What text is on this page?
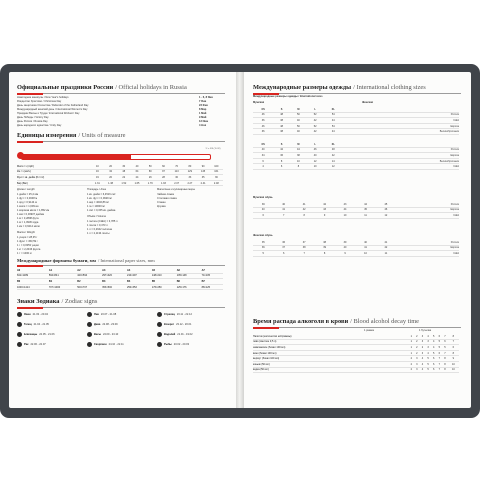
Официальные праздники России / Official holidays in Russia
Новогодние каникулы / New Year's holidays	1 - 6, 8 Янв
Рождество Христово / Christmas Day	7 Янв
День защитника Отечества / Defender of the Fatherland Day	23 Фев
Международный женский день / International Women's Day	8 Мар
Праздник Весны и Труда / International Workers' Day	1 Май
День Победы / Victory Day	9 Май
День России / Russia Day	12 Июн
День народного единства / Unity Day	4 Ноя
Единицы измерения / Units of measure
°C = 5/9 (°F-32)
Миля / ч (mph)	10	20	30	40	50	60	70	80	90	100
Км / ч (км/ч)	16	32	48	64	80	97	113	129	145	161
Фунт / кв. дюйм (lb / in²)	19	20	22	24	26	28	30	33	35	36
Бар (Bar)	1.31	1.38	1.52	1.65	1.79	1.93	2.07	2.27	2.41	2.48
Длина / Length
1 дюйм = 25,4 мм
1 фут = 0,3048 м
1 ярд = 0,9144 м
1 миля = 1,609 км
1 морская миля = 1,852 км
1 мм = 0,03937 дюйма
1 м = 3,2808 фута
1 м = 1,0936 ярда
1 км = 0,6214 мили
Масса / Weight
1 унция = 28,35 г
1 фунт = 453,59 г
1 г = 0,0353 унции
1 кг = 2,2046 фунта
1 т = 1000 кг
Площадь / Area
1 кв. дюйм = 6,4516 см²
1 кв. фут = 0,0929 м²
1 акр = 4046,86 м²
1 га = 10000 м²
1 см² = 0,155 кв. дюйма
Объём / Volume
1 галлон (США) = 3,785 л
1 пинта = 0,473 л
1 л = 0,2642 галлона
1 л = 2,1134 пинты
Магнитные и кулинарные меры
Чайная ложка
Столовая ложка
Стакан
Кружка
Международные форматы бумаги, мм / International paper sizes, mm
A0	A1	A2	A3	A4	A5	A6	A7
841×1189	594×841	420×594	297×420	210×297	148×210	105×148	74×105
B0	B1	B2	B3	B4	B5	B6	B7
1000×1414	707×1000	500×707	353×500	250×353	176×250	125×176	88×125
Знаки Зодиака / Zodiac signs
Овен 21.03 - 20.04
Телец 21.04 - 21.05
Близнецы 22.05 - 21.06
Рак 22.06 - 22.07
Лев 23.07 - 21.08
Дева 22.08 - 23.09
Весы 24.09 - 23.10
Скорпион 24.10 - 22.11
Стрелец 23.11 - 22.12
Козерог 23.12 - 20.01
Водолей 21.01 - 19.02
Рыбы 20.02 - 20.03
Международные размеры одежды / International clothing sizes
Международные размеры одежды / International sizes
Мужская	Женская
XS	S	M	L	XL	
46	48	50	52	54	Россия
36	38	40	42	44	США
46	48	50	52	54	Европа
36	38	40	42	44	Великобритания
XS	S	M	L	XL	
40	42	44	46	48	Россия
34	36	38	40	42	Европа
6	8	10	12	14	Великобритания
4	6	8	10	12	США
Мужская обувь
39	40	41	42	43	44	45	Россия
40	41	42	43	44	45	46	Европа
6	7	8	9	10	11	12	США
Женская обувь
35	36	37	38	39	40	41	Россия
36	37	38	39	40	41	42	Европа
5	6	7	8	9	10	11	США
Время распада алкоголя в крови / Blood alcohol decay time
1 рюмка	1 бутылка
Напиток (количество мл/граммы)	1	2	3	4	5	6	7	8
пиво (светлое 0,5 л)	1	2	3	3	4	5	6	7
шампанское (бокал 100 мл)	1	2	2	3	4	5	5	6
вино (бокал 100 мл)	1	2	3	4	5	6	7	8
вермут (бокал 100 мл)	2	3	4	5	6	7	8	9
коньяк (50 мл)	2	3	4	5	6	7	8	10
водка (50 мл)	2	3	4	5	6	7	8	10
